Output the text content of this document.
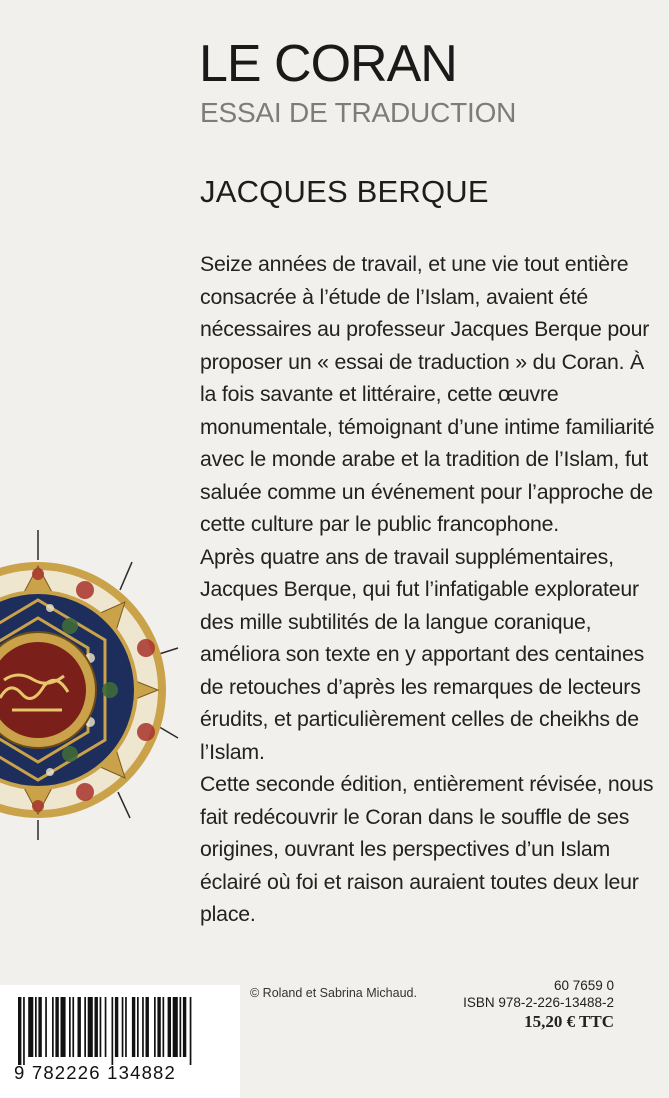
LE CORAN
ESSAI DE TRADUCTION
JACQUES BERQUE

Seize années de travail, et une vie tout entière consacrée à l’étude de l’Islam, avaient été nécessaires au professeur Jacques Berque pour proposer un « essai de traduction » du Coran. À la fois savante et littéraire, cette œuvre monumentale, témoignant d’une intime familiarité avec le monde arabe et la tradition de l’Islam, fut saluée comme un événement pour l’approche de cette culture par le public francophone.

Après quatre ans de travail supplémentaires, Jacques Berque, qui fut l’infatigable explorateur des mille subtilités de la langue coranique, améliora son texte en y apportant des centaines de retouches d’après les remarques de lecteurs érudits, et particulièrement celles de cheikhs de l’Islam.

Cette seconde édition, entièrement révisée, nous fait redécouvrir le Coran dans le souffle de ses origines, ouvrant les perspectives d’un Islam éclairé où foi et raison auraient toutes deux leur place.

© Roland et Sabrina Michaud.	60 7659 0
ISBN 978-2-226-13488-2
15,20 € TTC
9 782226 134882
